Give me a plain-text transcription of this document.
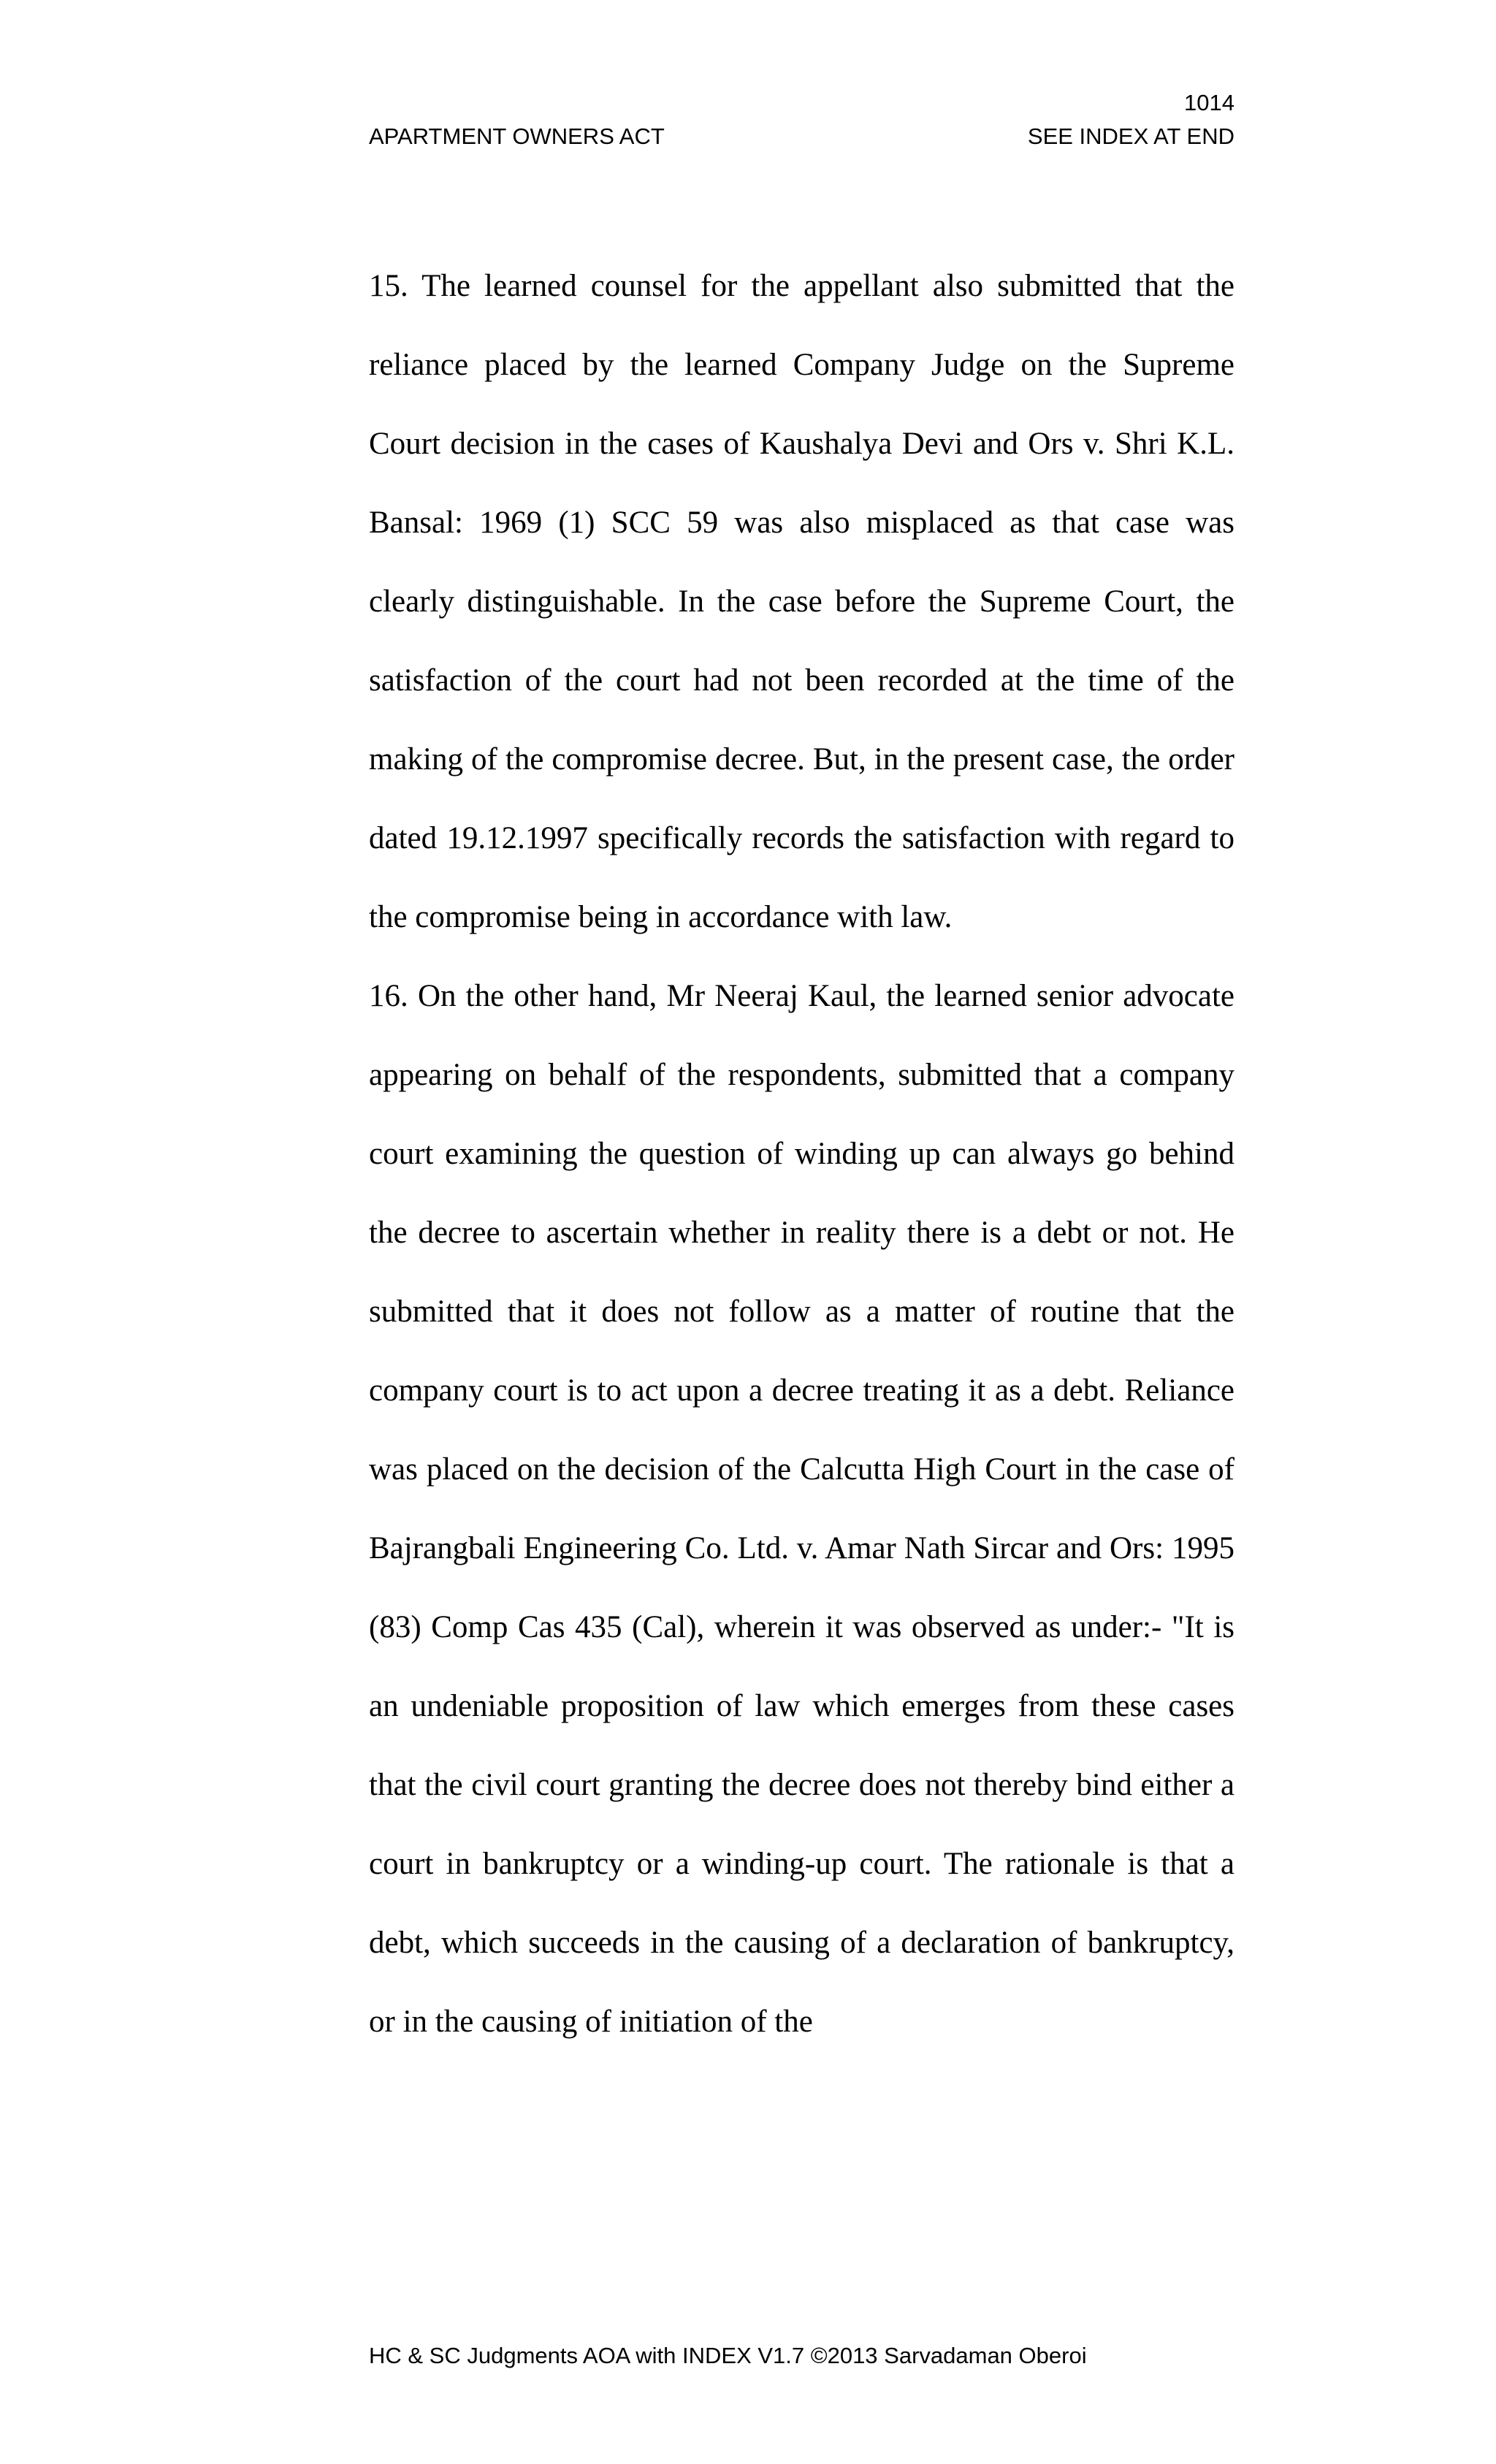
1014
APARTMENT OWNERS ACT	SEE INDEX AT END

15. The learned counsel for the appellant also submitted that the reliance placed by the learned Company Judge on the Supreme Court decision in the cases of Kaushalya Devi and Ors v. Shri K.L. Bansal: 1969 (1) SCC 59 was also misplaced as that case was clearly distinguishable. In the case before the Supreme Court, the satisfaction of the court had not been recorded at the time of the making of the compromise decree. But, in the present case, the order dated 19.12.1997 specifically records the satisfaction with regard to the compromise being in accordance with law.

16. On the other hand, Mr Neeraj Kaul, the learned senior advocate appearing on behalf of the respondents, submitted that a company court examining the question of winding up can always go behind the decree to ascertain whether in reality there is a debt or not. He submitted that it does not follow as a matter of routine that the company court is to act upon a decree treating it as a debt. Reliance was placed on the decision of the Calcutta High Court in the case of Bajrangbali Engineering Co. Ltd. v. Amar Nath Sircar and Ors: 1995 (83) Comp Cas 435 (Cal), wherein it was observed as under:- "It is an undeniable proposition of law which emerges from these cases that the civil court granting the decree does not thereby bind either a court in bankruptcy or a winding-up court. The rationale is that a debt, which succeeds in the causing of a declaration of bankruptcy, or in the causing of initiation of the

HC & SC Judgments AOA with INDEX V1.7 ©2013 Sarvadaman Oberoi
